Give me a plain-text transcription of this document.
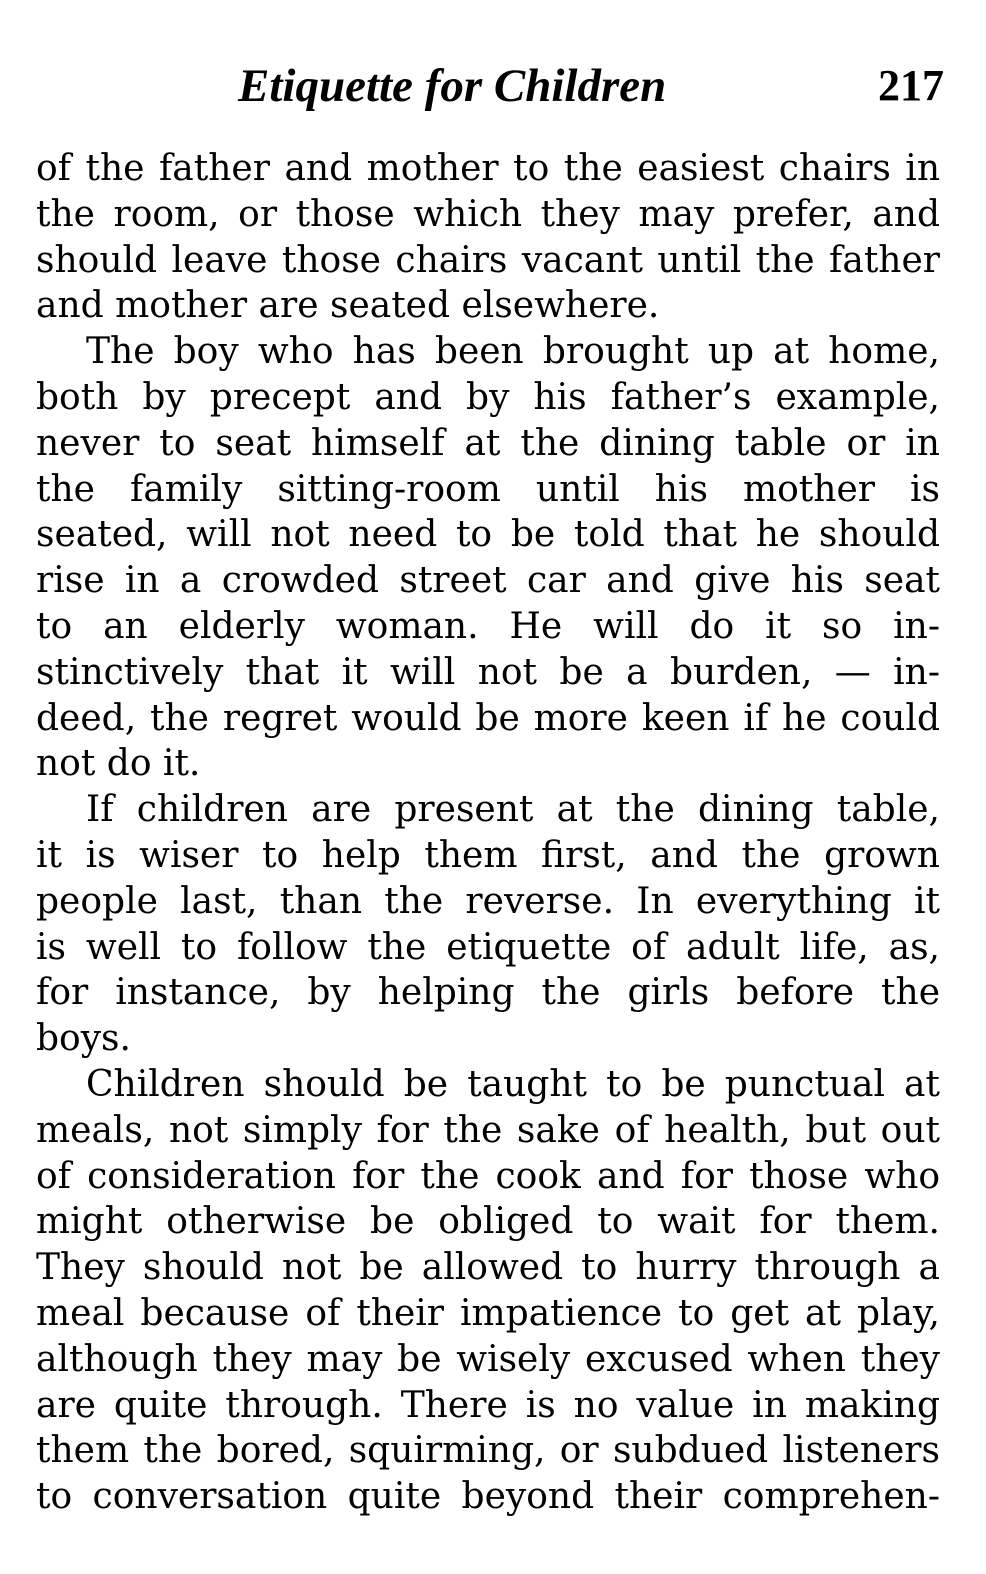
Etiquette for Children	217
of the father and mother to the easiest chairs in
the room, or those which they may prefer, and
should leave those chairs vacant until the father
and mother are seated elsewhere.
The boy who has been brought up at home,
both by precept and by his father’s example,
never to seat himself at the dining table or in
the family sitting-room until his mother is
seated, will not need to be told that he should
rise in a crowded street car and give his seat
to an elderly woman. He will do it so in-
stinctively that it will not be a burden, — in-
deed, the regret would be more keen if he could
not do it.
If children are present at the dining table,
it is wiser to help them first, and the grown
people last, than the reverse. In everything it
is well to follow the etiquette of adult life, as,
for instance, by helping the girls before the
boys.
Children should be taught to be punctual at
meals, not simply for the sake of health, but out
of consideration for the cook and for those who
might otherwise be obliged to wait for them.
They should not be allowed to hurry through a
meal because of their impatience to get at play,
although they may be wisely excused when they
are quite through. There is no value in making
them the bored, squirming, or subdued listeners
to conversation quite beyond their comprehen-
